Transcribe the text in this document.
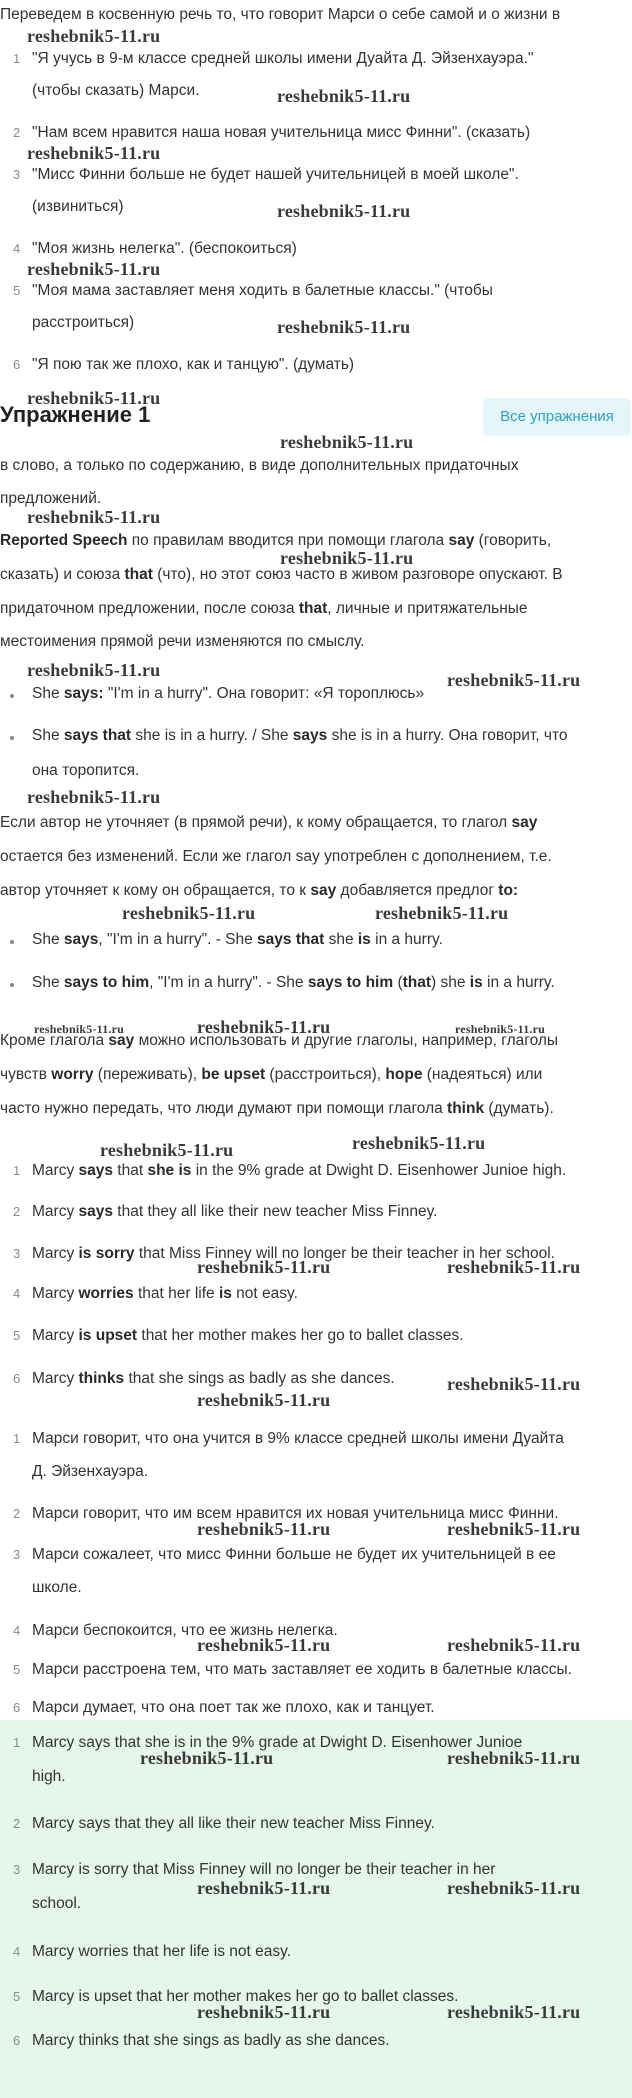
Переведем в косвенную речь то, что говорит Марси о себе самой и о жизни в
reshebnik5-11.ru
1 "Я учусь в 9-м классе средней школы имени Дуайта Д. Эйзенхауэра."
(чтобы сказать) Марси.	reshebnik5-11.ru
2 "Нам всем нравится наша новая учительница мисс Финни". (сказать)
reshebnik5-11.ru
3 "Мисс Финни больше не будет нашей учительницей в моей школе".
(извиниться)	reshebnik5-11.ru
4 "Моя жизнь нелегка". (беспокоиться)
reshebnik5-11.ru
5 "Моя мама заставляет меня ходить в балетные классы." (чтобы
расстроиться)	reshebnik5-11.ru
6 "Я пою так же плохо, как и танцую". (думать)
reshebnik5-11.ru
Упражнение 1	Все упражнения
reshebnik5-11.ru
в слово, а только по содержанию, в виде дополнительных придаточных
предложений.
reshebnik5-11.ru
Reported Speech по правилам вводится при помощи глагола say (говорить,
reshebnik5-11.ru
сказать) и союза that (что), но этот союз часто в живом разговоре опускают. В
придаточном предложении, после союза that, личные и притяжательные
местоимения прямой речи изменяются по смыслу.
reshebnik5-11.ru
She says: "I'm in a hurry". Она говорит: «Я тороплюсь»
reshebnik5-11.ru
She says that she is in a hurry. / She says she is in a hurry. Она говорит, что
она торопится.
reshebnik5-11.ru
Если автор не уточняет (в прямой речи), к кому обращается, то глагол say
остается без изменений. Если же глагол say употреблен с дополнением, т.е.
автор уточняет к кому он обращается, то к say добавляется предлог to:
reshebnik5-11.ru	reshebnik5-11.ru
She says, "I'm in a hurry". - She says that she is in a hurry.
She says to him, "I'm in a hurry". - She says to him (that) she is in a hurry.
reshebnik5-11.ru	reshebnik5-11.ru	reshebnik5-11.ru
Кроме глагола say можно использовать и другие глаголы, например, глаголы
чувств worry (переживать), be upset (расстроиться), hope (надеяться) или
часто нужно передать, что люди думают при помощи глагола think (думать).
reshebnik5-11.ru	reshebnik5-11.ru
1 Marcy says that she is in the 9% grade at Dwight D. Eisenhower Junioe high.
2 Marcy says that they all like their new teacher Miss Finney.
3 Marcy is sorry that Miss Finney will no longer be their teacher in her school.
reshebnik5-11.ru	reshebnik5-11.ru
4 Marcy worries that her life is not easy.
5 Marcy is upset that her mother makes her go to ballet classes.
6 Marcy thinks that she sings as badly as she dances.	reshebnik5-11.ru
reshebnik5-11.ru
1 Марси говорит, что она учится в 9% классе средней школы имени Дуайта
Д. Эйзенхауэра.
2 Марси говорит, что им всем нравится их новая учительница мисс Финни.
reshebnik5-11.ru	reshebnik5-11.ru
3 Марси сожалеет, что мисс Финни больше не будет их учительницей в ее
школе.
4 Марси беспокоится, что ее жизнь нелегка.
reshebnik5-11.ru	reshebnik5-11.ru
5 Марси расстроена тем, что мать заставляет ее ходить в балетные классы.
6 Марси думает, что она поет так же плохо, как и танцует.
1 Marcy says that she is in the 9% grade at Dwight D. Eisenhower Junioe
reshebnik5-11.ru	reshebnik5-11.ru
high.
2 Marcy says that they all like their new teacher Miss Finney.
3 Marcy is sorry that Miss Finney will no longer be their teacher in her
reshebnik5-11.ru	reshebnik5-11.ru
school.
4 Marcy worries that her life is not easy.
5 Marcy is upset that her mother makes her go to ballet classes.
reshebnik5-11.ru	reshebnik5-11.ru
6 Marcy thinks that she sings as badly as she dances.
